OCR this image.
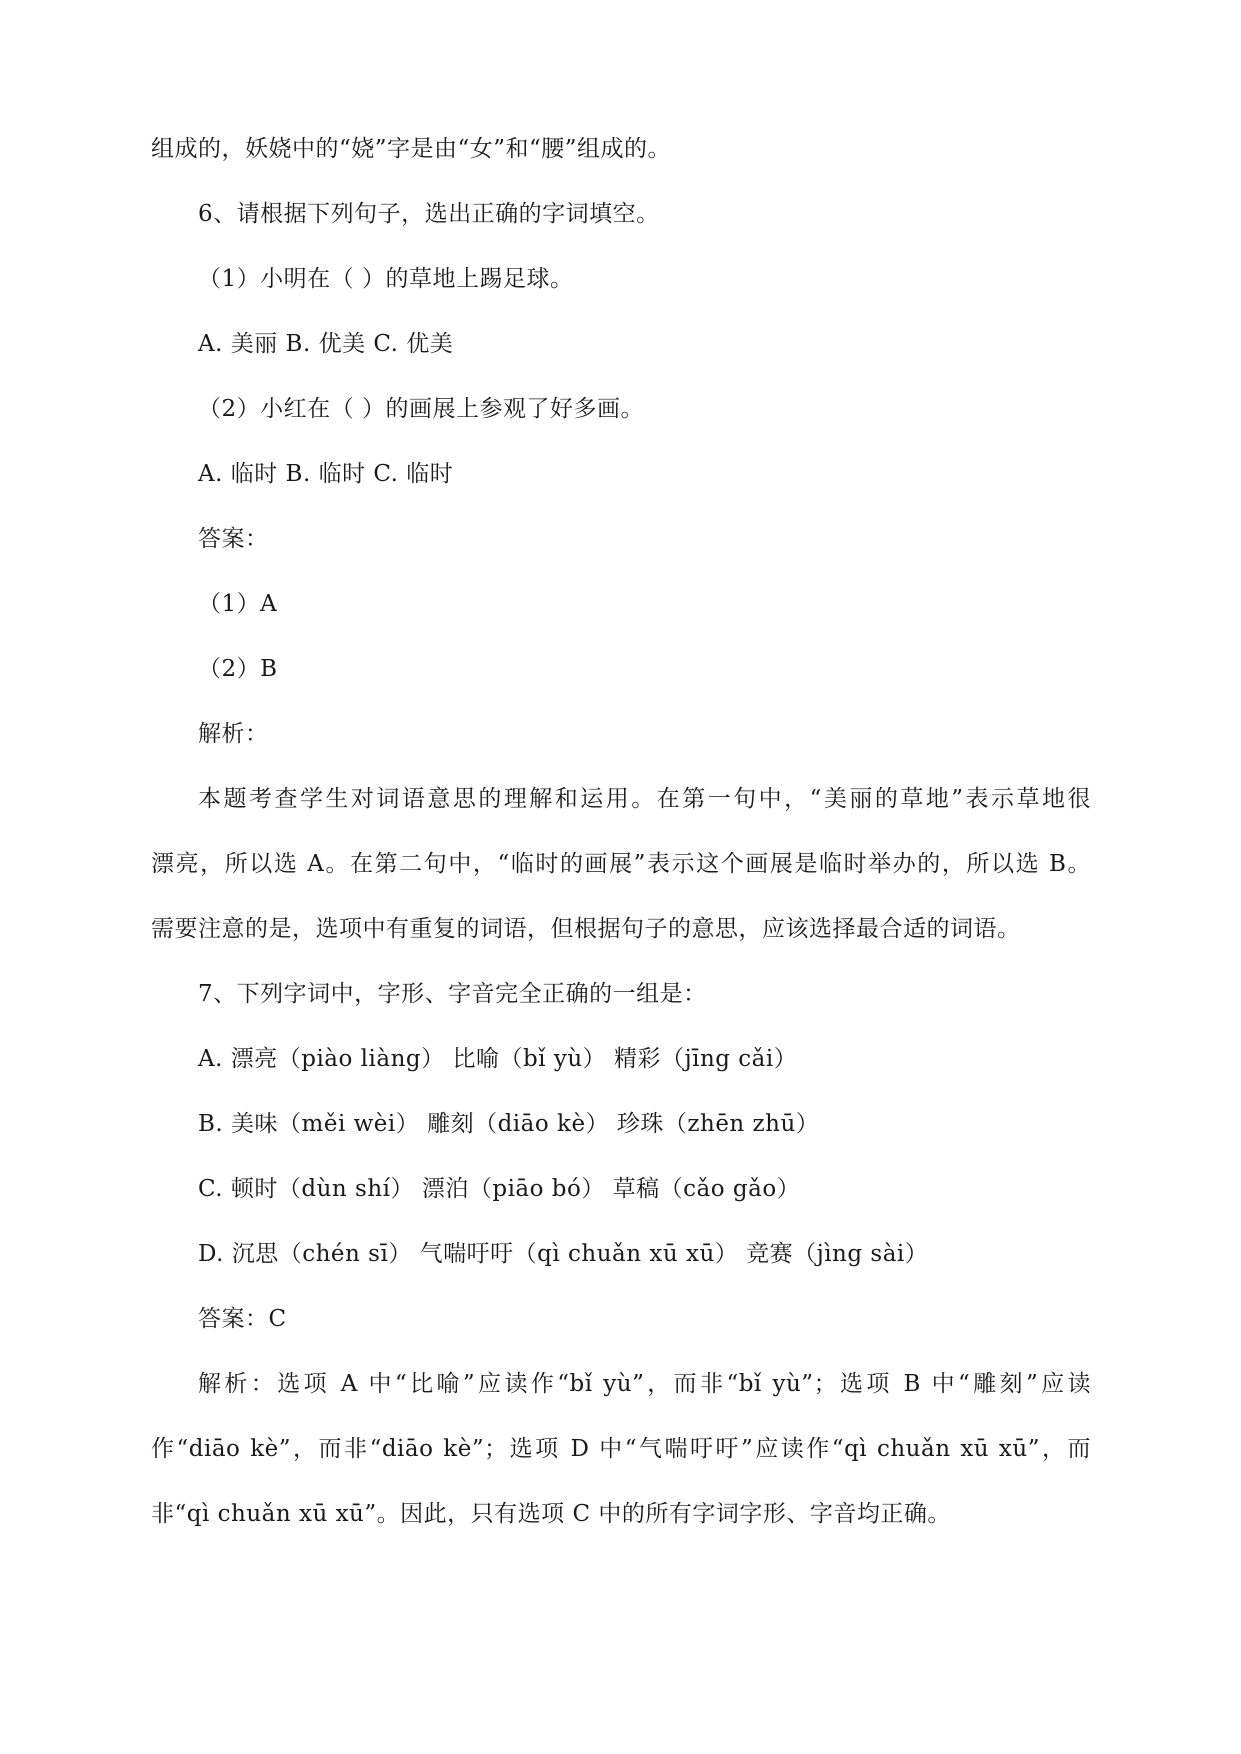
组成的，妖娆中的“娆”字是由“女”和“腰”组成的。
6、请根据下列句子，选出正确的字词填空。
（1）小明在（ ）的草地上踢足球。
A. 美丽 B. 优美 C. 优美
（2）小红在（ ）的画展上参观了好多画。
A. 临时 B. 临时 C. 临时
答案：
（1）A
（2）B
解析：
本题考查学生对词语意思的理解和运用。在第一句中，“美丽的草地”表示草地很
漂亮，所以选 A。在第二句中，“临时的画展”表示这个画展是临时举办的，所以选 B。
需要注意的是，选项中有重复的词语，但根据句子的意思，应该选择最合适的词语。
7、下列字词中，字形、字音完全正确的一组是：
A. 漂亮（piào liàng） 比喻（bǐ yù） 精彩（jīng cǎi）
B. 美味（měi wèi） 雕刻（diāo kè） 珍珠（zhēn zhū）
C. 顿时（dùn shí） 漂泊（piāo bó） 草稿（cǎo gǎo）
D. 沉思（chén sī） 气喘吁吁（qì chuǎn xū xū） 竞赛（jìng sài）
答案：C
解析：选项 A 中“比喻”应读作“bǐ yù”，而非“bǐ yù”；选项 B 中“雕刻”应读
作“diāo kè”，而非“diāo kè”；选项 D 中“气喘吁吁”应读作“qì chuǎn xū xū”，而
非“qì chuǎn xū xū”。因此，只有选项 C 中的所有字词字形、字音均正确。
